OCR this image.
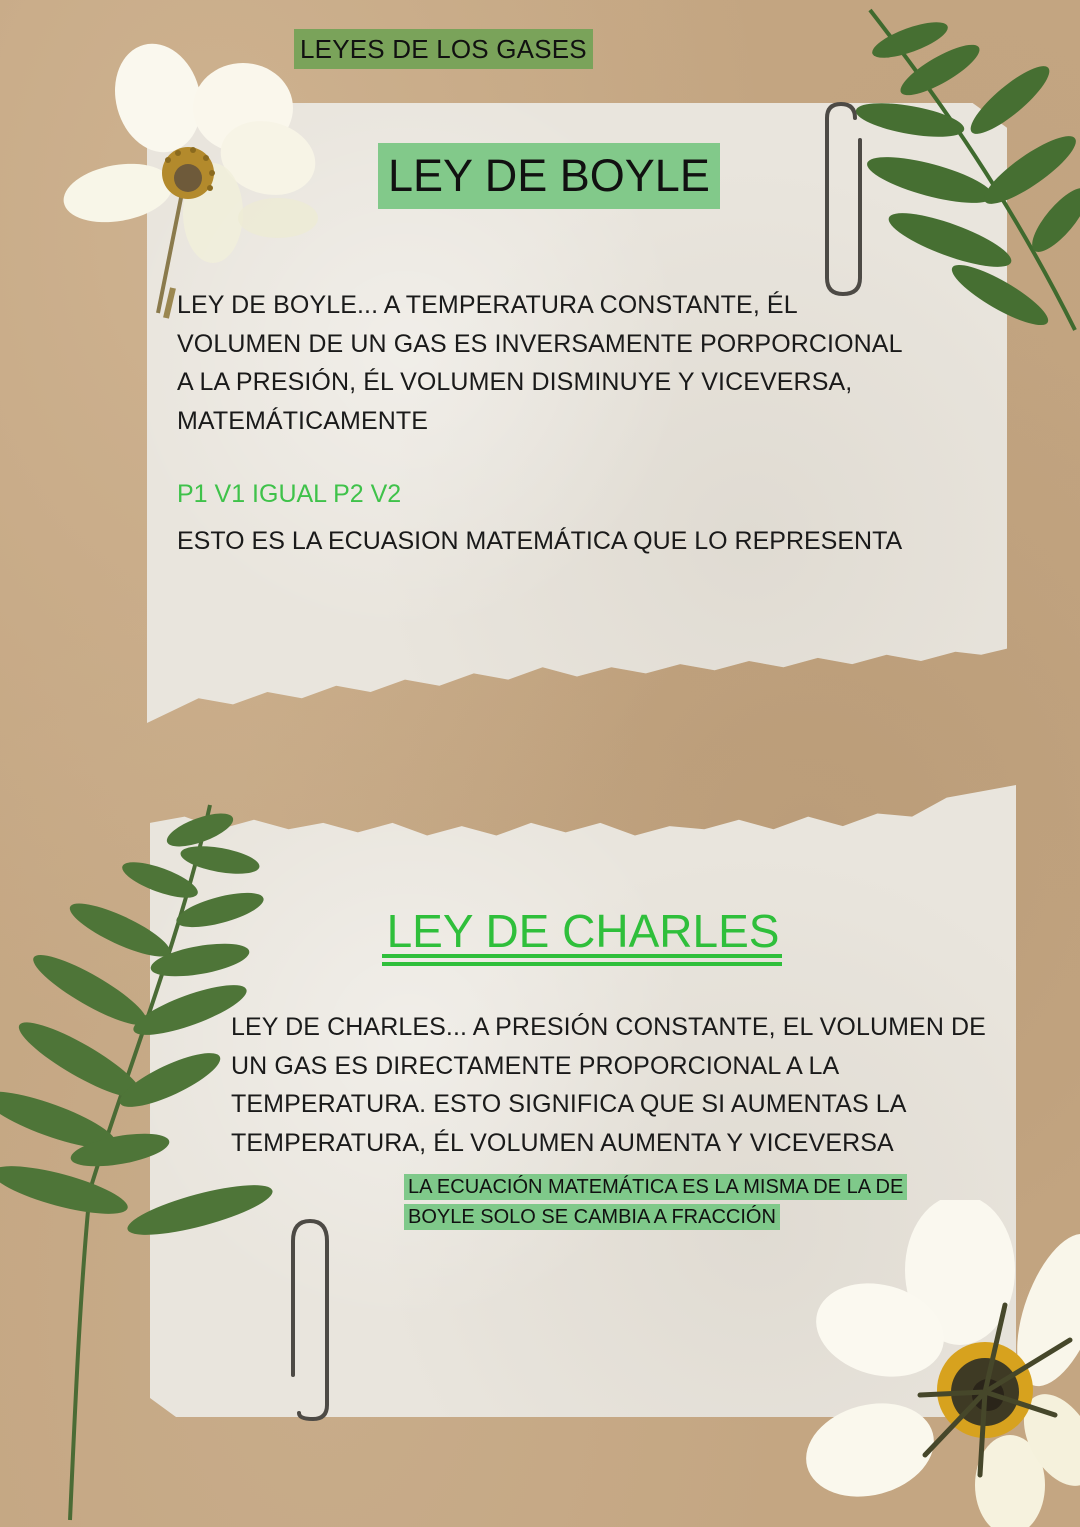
LEYES DE LOS GASES
LEY DE BOYLE
LEY DE BOYLE... A TEMPERATURA CONSTANTE, ÉL
VOLUMEN DE UN GAS ES INVERSAMENTE PORPORCIONAL
A LA PRESIÓN, ÉL VOLUMEN DISMINUYE Y VICEVERSA,
MATEMÁTICAMENTE
P1 V1 IGUAL P2 V2
ESTO ES LA ECUASION MATEMÁTICA QUE LO REPRESENTA
LEY DE CHARLES
LEY DE CHARLES... A PRESIÓN CONSTANTE, EL VOLUMEN DE
UN GAS ES DIRECTAMENTE PROPORCIONAL A LA
TEMPERATURA. ESTO SIGNIFICA QUE SI AUMENTAS LA
TEMPERATURA, ÉL VOLUMEN AUMENTA Y VICEVERSA
LA ECUACIÓN MATEMÁTICA ES LA MISMA DE LA DE
BOYLE SOLO SE CAMBIA A FRACCIÓN
